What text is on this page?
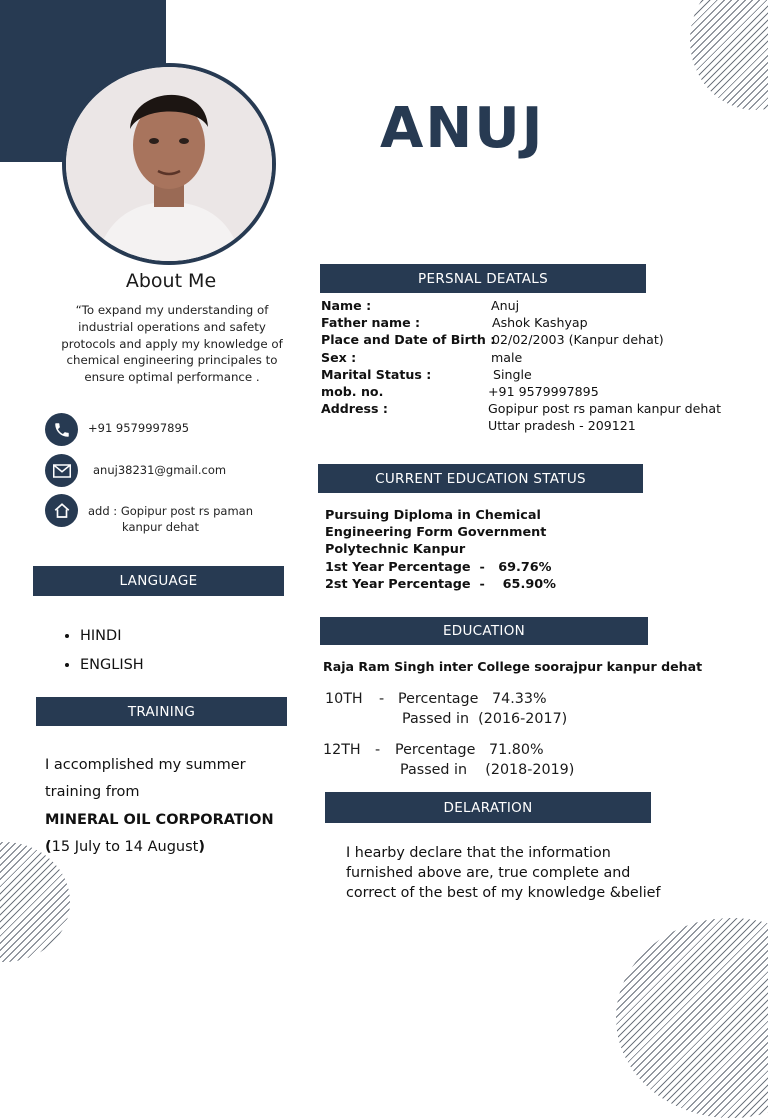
ANUJ
About Me
“To expand my understanding of industrial operations and safety protocols and apply my knowledge of chemical engineering principales to ensure optimal performance .
+91 9579997895
anuj38231@gmail.com
add : Gopipur post rs paman
kanpur dehat
LANGUAGE
• HINDI
• ENGLISH
TRAINING
I accomplished my summer
training from
MINERAL OIL CORPORATION
(15 July to 14 August)
PERSNAL DEATALS
Name :	Anuj
Father name :	Ashok Kashyap
Place and Date of Birth :
02/02/2003 (Kanpur dehat)
Sex :	male
Marital Status :	Single
mob. no.	+91 9579997895
Address :	Gopipur post rs paman kanpur dehat
Uttar pradesh - 209121
CURRENT EDUCATION STATUS
Pursuing Diploma in Chemical
Engineering Form Government
Polytechnic Kanpur
1st Year Percentage  -   69.76%
2st Year Percentage  -    65.90%
EDUCATION
Raja Ram Singh inter College soorajpur kanpur dehat
10TH - Percentage   74.33%
Passed in  (2016-2017)
12TH - Percentage   71.80%
Passed in    (2018-2019)
DELARATION
I hearby declare that the information furnished above are, true complete and correct of the best of my knowledge &belief
